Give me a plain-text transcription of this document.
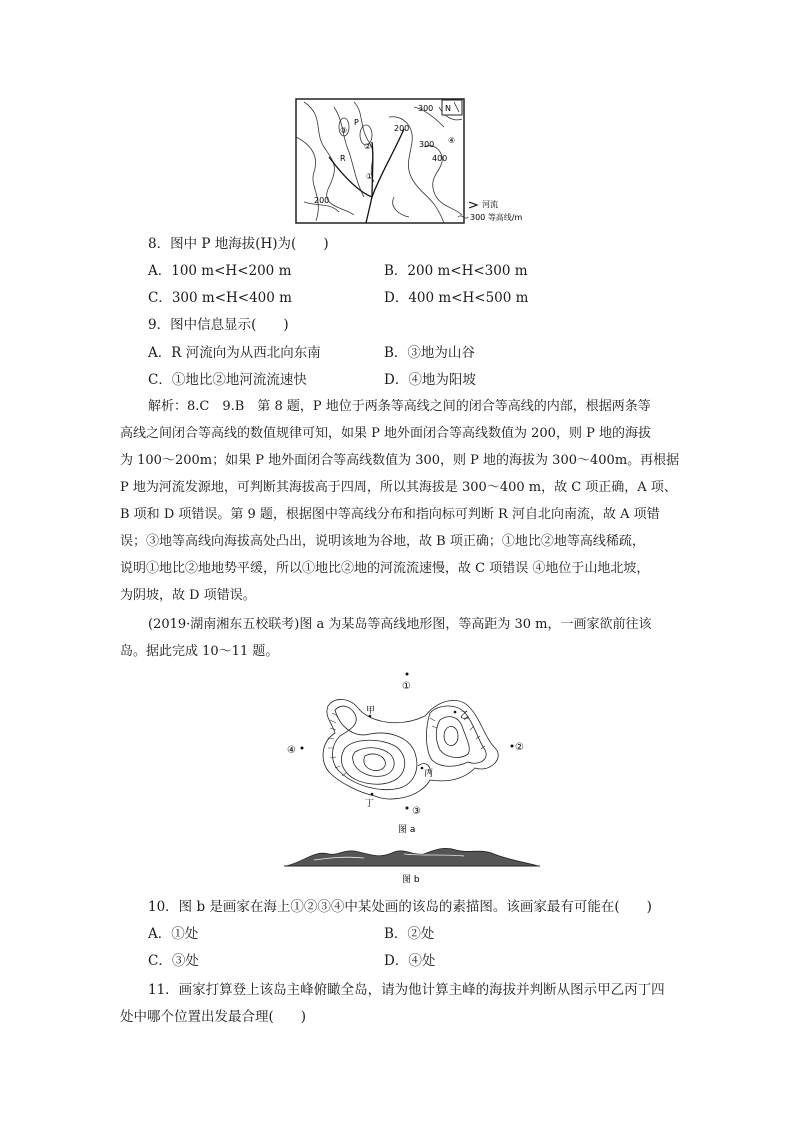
N
300
200
300
400
200
P
R
③
②
①
④
河流
300 等高线/m
8．图中 P 地海拔(H)为(　　)
A．100 m<H<200 m	B．200 m<H<300 m
C．300 m<H<400 m	D．400 m<H<500 m
9．图中信息显示(　　)
A．R 河流向为从西北向东南	B．③地为山谷
C．①地比②地河流流速快	D．④地为阳坡
解析：8.C　9.B　第 8 题，P 地位于两条等高线之间的闭合等高线的内部，根据两条等
高线之间闭合等高线的数值规律可知，如果 P 地外面闭合等高线数值为 200，则 P 地的海拔
为 100～200m；如果 P 地外面闭合等高线数值为 300，则 P 地的海拔为 300～400m。再根据
P 地为河流发源地，可判断其海拔高于四周，所以其海拔是 300～400 m，故 C 项正确，A 项、
B 项和 D 项错误。第 9 题，根据图中等高线分布和指向标可判断 R 河自北向南流，故 A 项错
误；③地等高线向海拔高处凸出，说明该地为谷地，故 B 项正确；①地比②地等高线稀疏，
说明①地比②地地势平缓，所以①地比②地的河流流速慢，故 C 项错误 ④地位于山地北坡，
为阴坡，故 D 项错误。
(2019·湖南湘东五校联考)图 a 为某岛等高线地形图，等高距为 30 m，一画家欲前往该
岛。据此完成 10～11 题。
①
②
③
④
甲	乙
丙
丁
图 a
图 b
10．图 b 是画家在海上①②③④中某处画的该岛的素描图。该画家最有可能在(　　)
A．①处	B．②处
C．③处	D．④处
11．画家打算登上该岛主峰俯瞰全岛，请为他计算主峰的海拔并判断从图示甲乙丙丁四
处中哪个位置出发最合理(　　)
